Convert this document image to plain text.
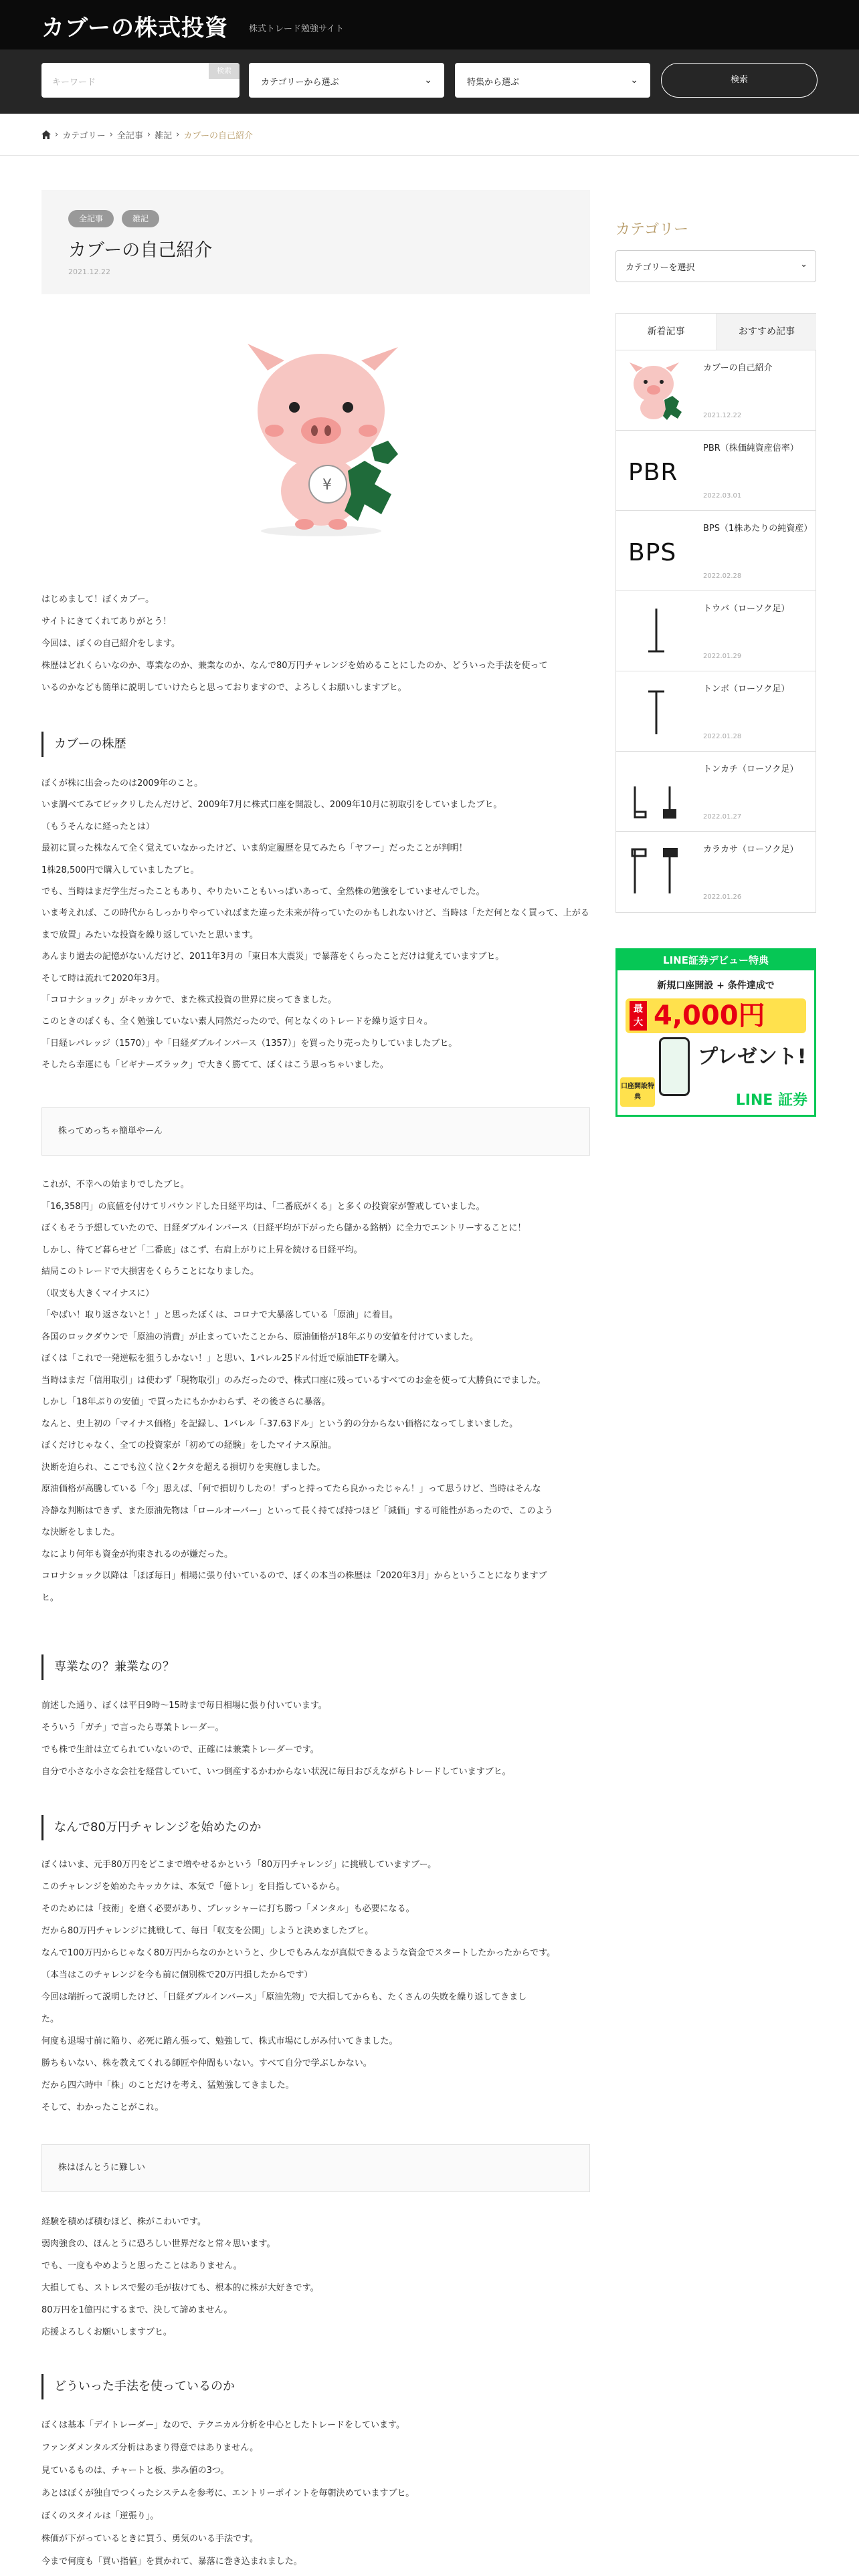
カブーの株式投資 株式トレード勉強サイト
キーワード
検索
カテゴリーから選ぶ	⌄	特集から選ぶ	⌄	検索
› カテゴリー › 全記事 › 雑記 › カブーの自己紹介
全記事	雑記
カブーの自己紹介
2021.12.22
¥

はじめまして！ぼくカブー。

サイトにきてくれてありがとう！

今回は、ぼくの自己紹介をします。

株歴はどれくらいなのか、専業なのか、兼業なのか、なんで80万円チャレンジを始めることにしたのか、どういった手法を使って

いるのかなども簡単に説明していけたらと思っておりますので、よろしくお願いしますブヒ。

カブーの株歴

ぼくが株に出会ったのは2009年のこと。

いま調べてみてビックリしたんだけど、2009年7月に株式口座を開設し、2009年10月に初取引をしていましたブヒ。

（もうそんなに経ったとは）

最初に買った株なんて全く覚えていなかったけど、いま約定履歴を見てみたら「ヤフー」だったことが判明！

1株28,500円で購入していましたブヒ。

でも、当時はまだ学生だったこともあり、やりたいこともいっぱいあって、全然株の勉強をしていませんでした。

いま考えれば、この時代からしっかりやっていればまた違った未来が待っていたのかもしれないけど、当時は「ただ何となく買って、上がるまで放置」みたいな投資を繰り返していたと思います。

あんまり過去の記憶がないんだけど、2011年3月の「東日本大震災」で暴落をくらったことだけは覚えていますブヒ。

そして時は流れて2020年3月。

「コロナショック」がキッカケで、また株式投資の世界に戻ってきました。

このときのぼくも、全く勉強していない素人同然だったので、何となくのトレードを繰り返す日々。

「日経レバレッジ（1570）」や「日経ダブルインバース（1357）」を買ったり売ったりしていましたブヒ。

そしたら幸運にも「ビギナーズラック」で大きく勝てて、ぼくはこう思っちゃいました。

株ってめっちゃ簡単やーん

これが、不幸への始まりでしたブヒ。

「16,358円」の底値を付けてリバウンドした日経平均は、「二番底がくる」と多くの投資家が警戒していました。

ぼくもそう予想していたので、日経ダブルインバース（日経平均が下がったら儲かる銘柄）に全力でエントリーすることに！

しかし、待てど暮らせど「二番底」はこず、右肩上がりに上昇を続ける日経平均。

結局このトレードで大損害をくらうことになりました。

（収支も大きくマイナスに）

「やばい！取り返さないと！」と思ったぼくは、コロナで大暴落している「原油」に着目。

各国のロックダウンで「原油の消費」が止まっていたことから、原油価格が18年ぶりの安値を付けていました。

ぼくは「これで一発逆転を狙うしかない！」と思い、1バレル25ドル付近で原油ETFを購入。

当時はまだ「信用取引」は使わず「現物取引」のみだったので、株式口座に残っているすべてのお金を使って大勝負にでました。

しかし「18年ぶりの安値」で買ったにもかかわらず、その後さらに暴落。

なんと、史上初の「マイナス価格」を記録し、1バレル「-37.63ドル」という釣の分からない価格になってしまいました。

ぼくだけじゃなく、全ての投資家が「初めての経験」をしたマイナス原油。

決断を迫られ、ここでも泣く泣く2ケタを超える損切りを実施しました。

原油価格が高騰している「今」思えば、「何で損切りしたの！ずっと持ってたら良かったじゃん！」って思うけど、当時はそんな

冷静な判断はできず、また原油先物は「ロールオーバー」といって長く持てば持つほど「減価」する可能性があったので、このよう

な決断をしました。

なにより何年も資金が拘束されるのが嫌だった。

コロナショック以降は「ほぼ毎日」相場に張り付いているので、ぼくの本当の株歴は「2020年3月」からということになりますブ

ヒ。

専業なの？兼業なの？

前述した通り、ぼくは平日9時〜15時まで毎日相場に張り付いています。

そういう「ガチ」で言ったら専業トレーダー。

でも株で生計は立てられていないので、正確には兼業トレーダーです。

自分で小さな小さな会社を経営していて、いつ倒産するかわからない状況に毎日おびえながらトレードしていますブヒ。

なんで80万円チャレンジを始めたのか

ぼくはいま、元手80万円をどこまで増やせるかという「80万円チャレンジ」に挑戦していますブー。

このチャレンジを始めたキッカケは、本気で「億トレ」を目指しているから。

そのためには「技術」を磨く必要があり、プレッシャーに打ち勝つ「メンタル」も必要になる。

だから80万円チャレンジに挑戦して、毎日「収支を公開」しようと決めましたブヒ。

なんで100万円からじゃなく80万円からなのかというと、少しでもみんなが真似できるような資金でスタートしたかったからです。

（本当はこのチャレンジを今も前に個別株で20万円損したからです）

今回は端折って説明したけど、「日経ダブルインバース」「原油先物」で大損してからも、たくさんの失敗を繰り返してきまし

た。

何度も退場寸前に陥り、必死に踏ん張って、勉強して、株式市場にしがみ付いてきました。

勝ちもいない、株を教えてくれる師匠や仲間もいない。すべて自分で学ぶしかない。

だから四六時中「株」のことだけを考え、猛勉強してきました。

そして、わかったことがこれ。

株はほんとうに難しい

経験を積めば積むほど、株がこわいです。

弱肉強食の、ほんとうに恐ろしい世界だなと常々思います。

でも、一度もやめようと思ったことはありません。

大損しても、ストレスで髪の毛が抜けても、根本的に株が大好きです。

80万円を1億円にするまで、決して諦めません。

応援よろしくお願いしますブヒ。

どういった手法を使っているのか

ぼくは基本「デイトレーダー」なので、テクニカル分析を中心としたトレードをしています。

ファンダメンタルズ分析はあまり得意ではありません。

見ているものは、チャートと板、歩み値の3つ。

あとはぼくが独自でつくったシステムを参考に、エントリーポイントを毎朝決めていますブヒ。

ぼくのスタイルは「逆張り」。

株価が下がっているときに買う、勇気のいる手法です。

今まで何度も「買い指値」を貫かれて、暴落に巻き込まれました。

カテゴリー
カテゴリーを選択	⌄
新着記事	おすすめ記事
カブーの自己紹介
2021.12.22
PBR
PBR（株価純資産倍率）
2022.03.01
BPS
BPS（1株あたりの純資産）
2022.02.28
トウバ（ローソク足）
2022.01.29
トンボ（ローソク足）
2022.01.28
トンカチ（ローソク足）
2022.01.27
カラカサ（ローソク足）
2022.01.26
LINE証券デビュー特典
新規口座開設 + 条件達成で
最大 4,000円
プレゼント!
口座開設特典	LINE 証券
